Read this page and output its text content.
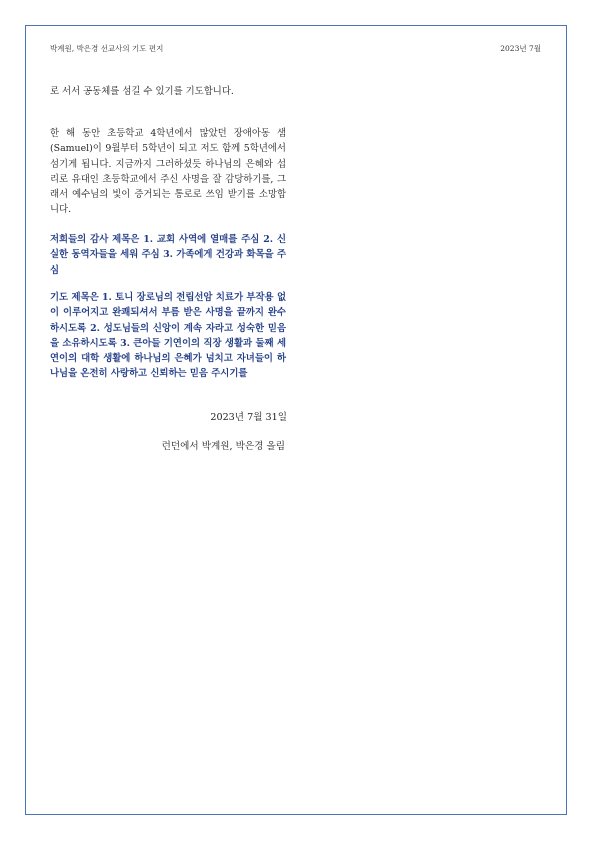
박계원, 박은경 선교사의 기도 편지	2023년 7월
로 서서 공동체를 섬길 수 있기를 기도합니다.
한 해 동안 초등학교 4학년에서 많았던 장애아동 샘(Samuel)이 9월부터 5학년이 되고 저도 함께 5학년에서 섬기게 됩니다. 지금까지 그러하셨듯 하나님의 은혜와 섭리로 유대인 초등학교에서 주신 사명을 잘 감당하기를, 그래서 예수님의 빛이 증거되는 통로로 쓰임 받기를 소망합니다.
저희들의 감사 제목은 1. 교회 사역에 열매를 주심 2. 신실한 동역자들을 세워 주심 3. 가족에게 건강과 화목을 주심
기도 제목은 1. 토니 장로님의 전립선암 치료가 부작용 없이 이루어지고 완쾌되셔서 부름 받은 사명을 끝까지 완수하시도록 2. 성도님들의 신앙이 계속 자라고 성숙한 믿음을 소유하시도록 3. 큰아들 기연이의 직장 생활과 둘째 세연이의 대학 생활에 하나님의 은혜가 넘치고 자녀들이 하나님을 온전히 사랑하고 신뢰하는 믿음 주시기를
2023년 7월 31일
런던에서 박계원, 박은경 올림
